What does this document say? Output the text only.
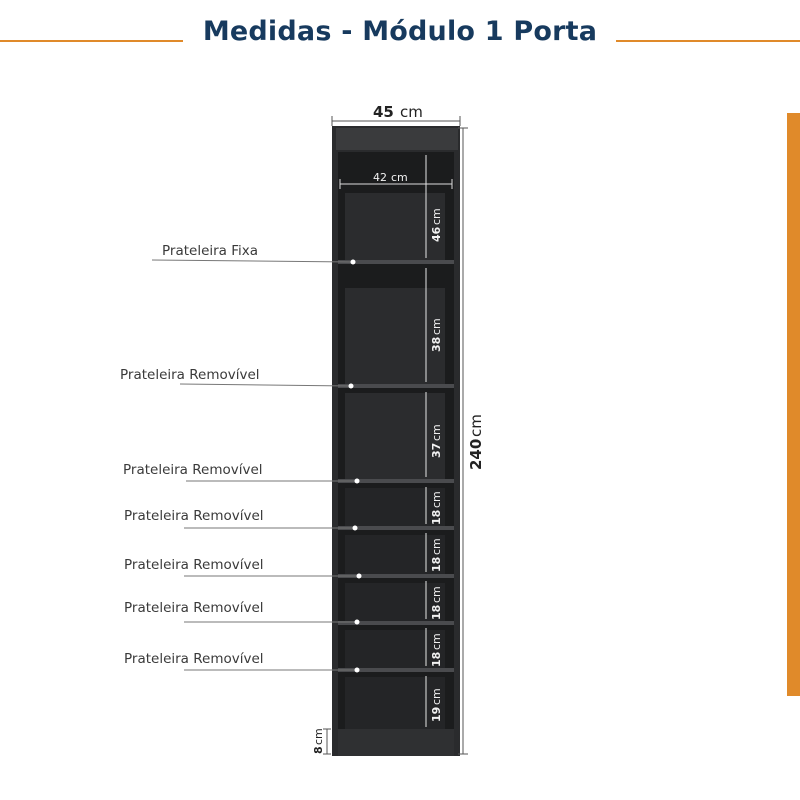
Medidas - Módulo 1 Porta
45 cm
42 cm
240
cm
46
cm
38
cm
37
cm
18
cm
18
cm
18
cm
18
cm
19
cm
8
cm
Prateleira Fixa
Prateleira Removível
Prateleira Removível
Prateleira Removível
Prateleira Removível
Prateleira Removível
Prateleira Removível
